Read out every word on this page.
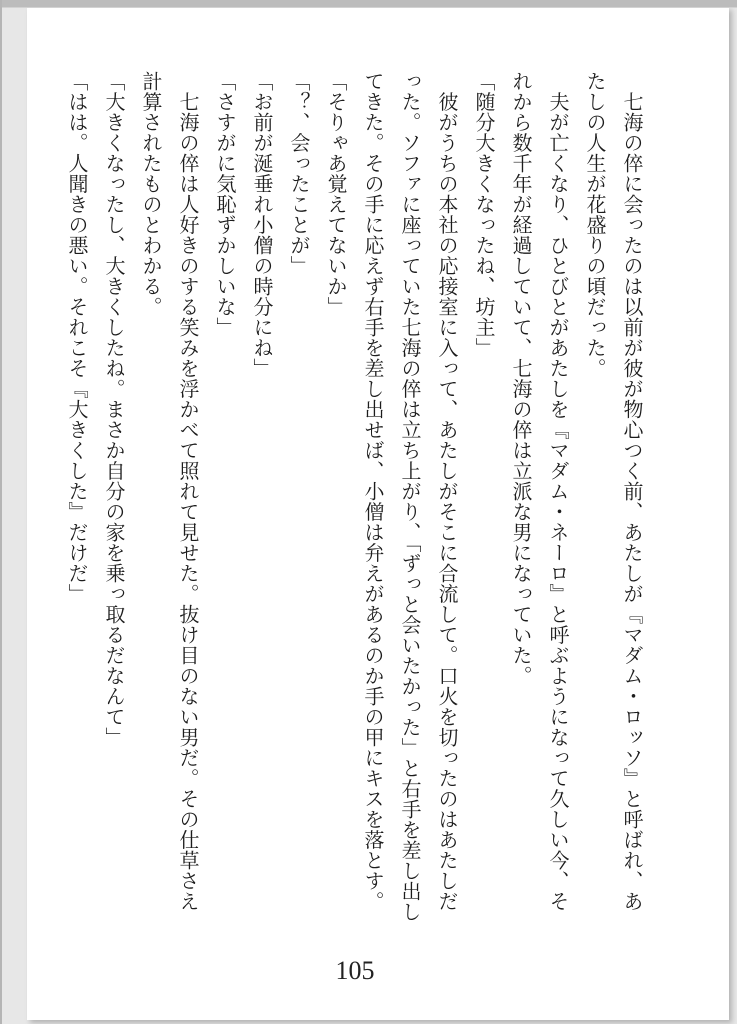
　七海の倅に会ったのは以前が彼が物心つく前、あたしが『マダム・ロッソ』と呼ばれ、あ
たしの人生が花盛りの頃だった。
　夫が亡くなり、ひとびとがあたしを『マダム・ネーロ』と呼ぶようになって久しい今、そ
れから数千年が経過していて、七海の倅は立派な男になっていた。
「随分大きくなったね、坊主」
　彼がうちの本社の応接室に入って、あたしがそこに合流して。口火を切ったのはあたしだ
った。ソファに座っていた七海の倅は立ち上がり、「ずっと会いたかった」と右手を差し出し
てきた。その手に応えず右手を差し出せば、小僧は弁えがあるのか手の甲にキスを落とす。
「そりゃあ覚えてないか」
「？、会ったことが」
「お前が涎垂れ小僧の時分にね」
「さすがに気恥ずかしいな」
　七海の倅は人好きのする笑みを浮かべて照れて見せた。抜け目のない男だ。その仕草さえ
計算されたものとわかる。
「大きくなったし、大きくしたね。まさか自分の家を乗っ取るだなんて」
「はは。人聞きの悪い。それこそ『大きくした』だけだ」
105
